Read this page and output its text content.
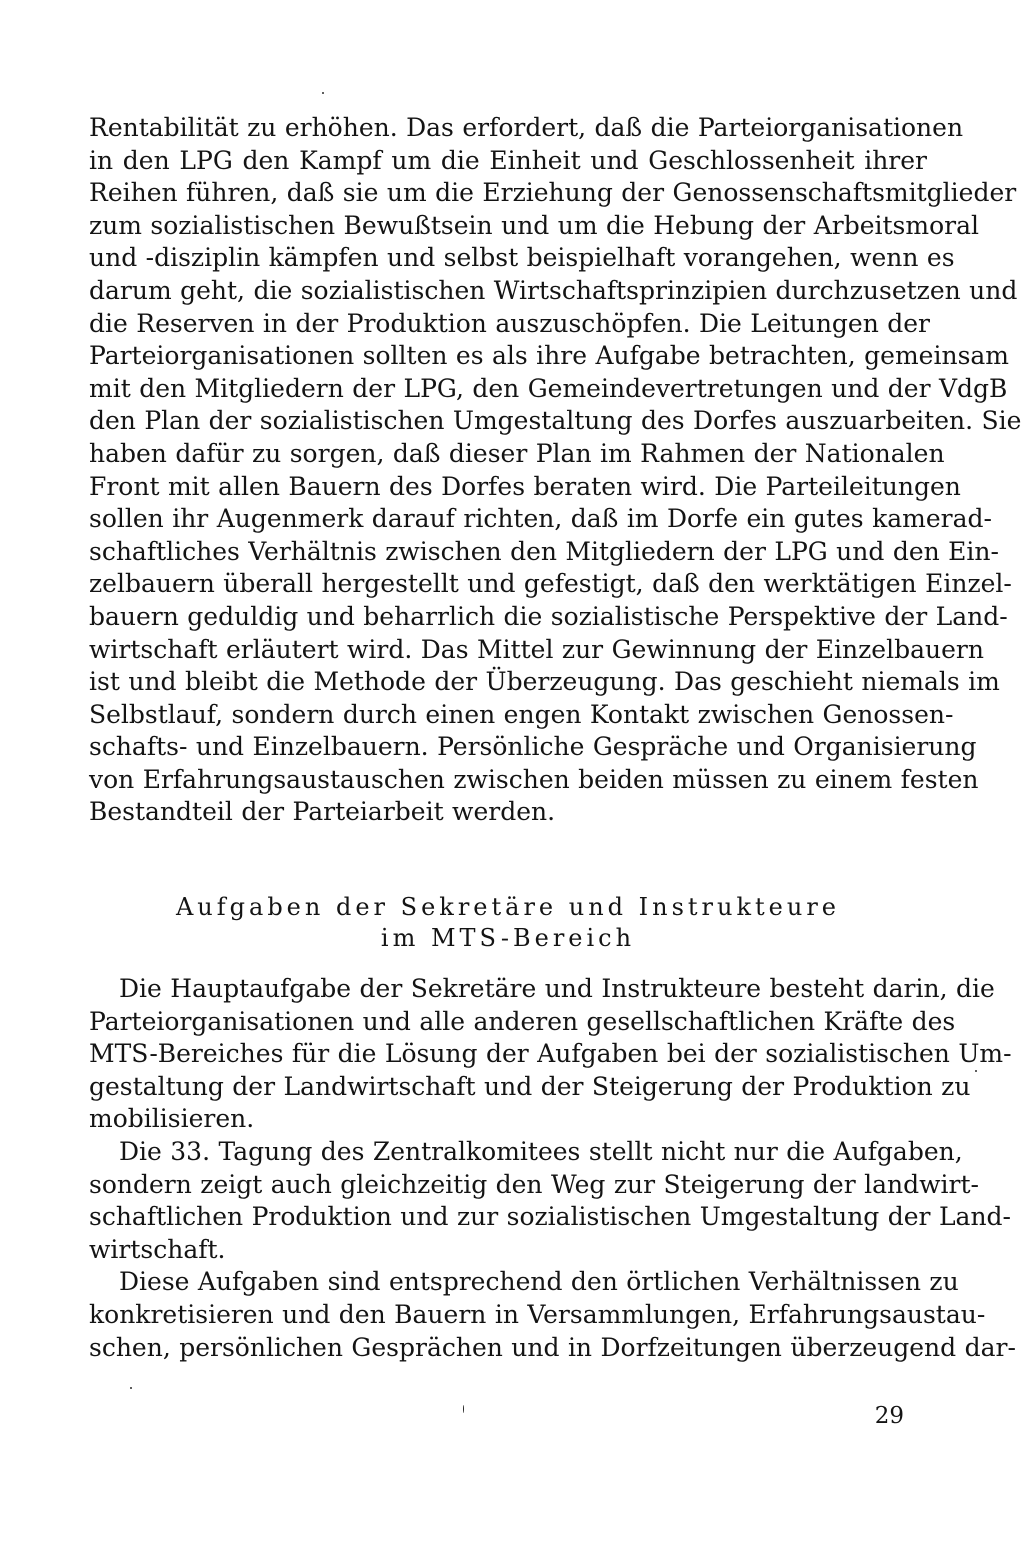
Rentabilität zu erhöhen. Das erfordert, daß die Parteiorganisationen
in den LPG den Kampf um die Einheit und Geschlossenheit ihrer
Reihen führen, daß sie um die Erziehung der Genossenschaftsmitglieder
zum sozialistischen Bewußtsein und um die Hebung der Arbeitsmoral
und -disziplin kämpfen und selbst beispielhaft vorangehen, wenn es
darum geht, die sozialistischen Wirtschaftsprinzipien durchzusetzen und
die Reserven in der Produktion auszuschöpfen. Die Leitungen der
Parteiorganisationen sollten es als ihre Aufgabe betrachten, gemeinsam
mit den Mitgliedern der LPG, den Gemeindevertretungen und der VdgB
den Plan der sozialistischen Umgestaltung des Dorfes auszuarbeiten. Sie
haben dafür zu sorgen, daß dieser Plan im Rahmen der Nationalen
Front mit allen Bauern des Dorfes beraten wird. Die Parteileitungen
sollen ihr Augenmerk darauf richten, daß im Dorfe ein gutes kamerad-
schaftliches Verhältnis zwischen den Mitgliedern der LPG und den Ein-
zelbauern überall hergestellt und gefestigt, daß den werktätigen Einzel-
bauern geduldig und beharrlich die sozialistische Perspektive der Land-
wirtschaft erläutert wird. Das Mittel zur Gewinnung der Einzelbauern
ist und bleibt die Methode der Überzeugung. Das geschieht niemals im
Selbstlauf, sondern durch einen engen Kontakt zwischen Genossen-
schafts- und Einzelbauern. Persönliche Gespräche und Organisierung
von Erfahrungsaustauschen zwischen beiden müssen zu einem festen
Bestandteil der Parteiarbeit werden.
Aufgaben der Sekretäre und Instrukteure
im MTS-Bereich
Die Hauptaufgabe der Sekretäre und Instrukteure besteht darin, die
Parteiorganisationen und alle anderen gesellschaftlichen Kräfte des
MTS-Bereiches für die Lösung der Aufgaben bei der sozialistischen Um-
gestaltung der Landwirtschaft und der Steigerung der Produktion zu
mobilisieren.
Die 33. Tagung des Zentralkomitees stellt nicht nur die Aufgaben,
sondern zeigt auch gleichzeitig den Weg zur Steigerung der landwirt-
schaftlichen Produktion und zur sozialistischen Umgestaltung der Land-
wirtschaft.
Diese Aufgaben sind entsprechend den örtlichen Verhältnissen zu
konkretisieren und den Bauern in Versammlungen, Erfahrungsaustau-
schen, persönlichen Gesprächen und in Dorfzeitungen überzeugend dar-
29
